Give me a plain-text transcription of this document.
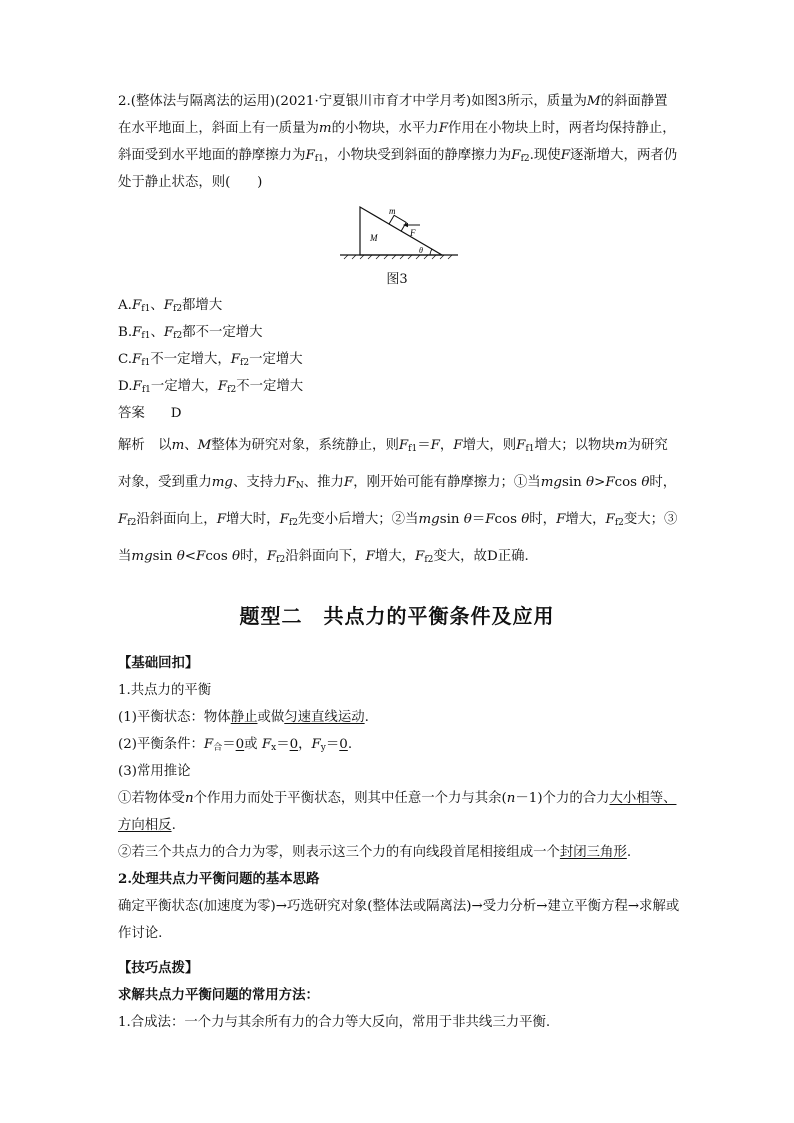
2.(整体法与隔离法的运用)(2021·宁夏银川市育才中学月考)如图3所示，质量为M的斜面静置在水平地面上，斜面上有一质量为m的小物块，水平力F作用在小物块上时，两者均保持静止，斜面受到水平地面的静摩擦力为$F_{f1}$，小物块受到斜面的静摩擦力为$F_{f2}$.现使F逐渐增大，两者仍处于静止状态，则(　　)

m
M	F
θ
图3
$A.F_{f1}$、$F_{f2}$都增大
$B.F_{f1}$、$F_{f2}$都不一定增大
$C.F_{f1}$不一定增大，$F_{f2}$一定增大
$D.F_{f1}$一定增大，$F_{f2}$不一定增大
答案 D

解析　 以m、M整体为研究对象，系统静止，则$F_{f1}=F$，F增大，则$F_{f1}$增大；以物块m为研究对象，受到重力mg、支持力$F_N$、推力F，刚开始可能有静摩擦力；①当mgsin θ>Fcos θ时，$F_{f2}$沿斜面向上，F增大时，$F_{f2}$先变小后增大；②当mgsin θ＝Fcos θ时，F增大，$F_{f2}$变大；③当mgsin θ<Fcos θ时，$F_{f2}$沿斜面向下，F增大，$F_{f2}$变大，故D正确.

题型二　共点力的平衡条件及应用
【基础回扣】
1.共点力的平衡
(1)平衡状态：物体静止或做匀速直线运动.
(2)平衡条件：$F_合=0$或 $F_x=0$，$F_y=0$.
(3)常用推论
①若物体受n个作用力而处于平衡状态，则其中任意一个力与其余(n－1)个力的合力大小相等、方向相反.
②若三个共点力的合力为零，则表示这三个力的有向线段首尾相接组成一个封闭三角形.
2.处理共点力平衡问题的基本思路
确定平衡状态(加速度为零)→巧选研究对象(整体法或隔离法)→受力分析→建立平衡方程→求解或作讨论.
【技巧点拨】
求解共点力平衡问题的常用方法：
1.合成法：一个力与其余所有力的合力等大反向，常用于非共线三力平衡.
